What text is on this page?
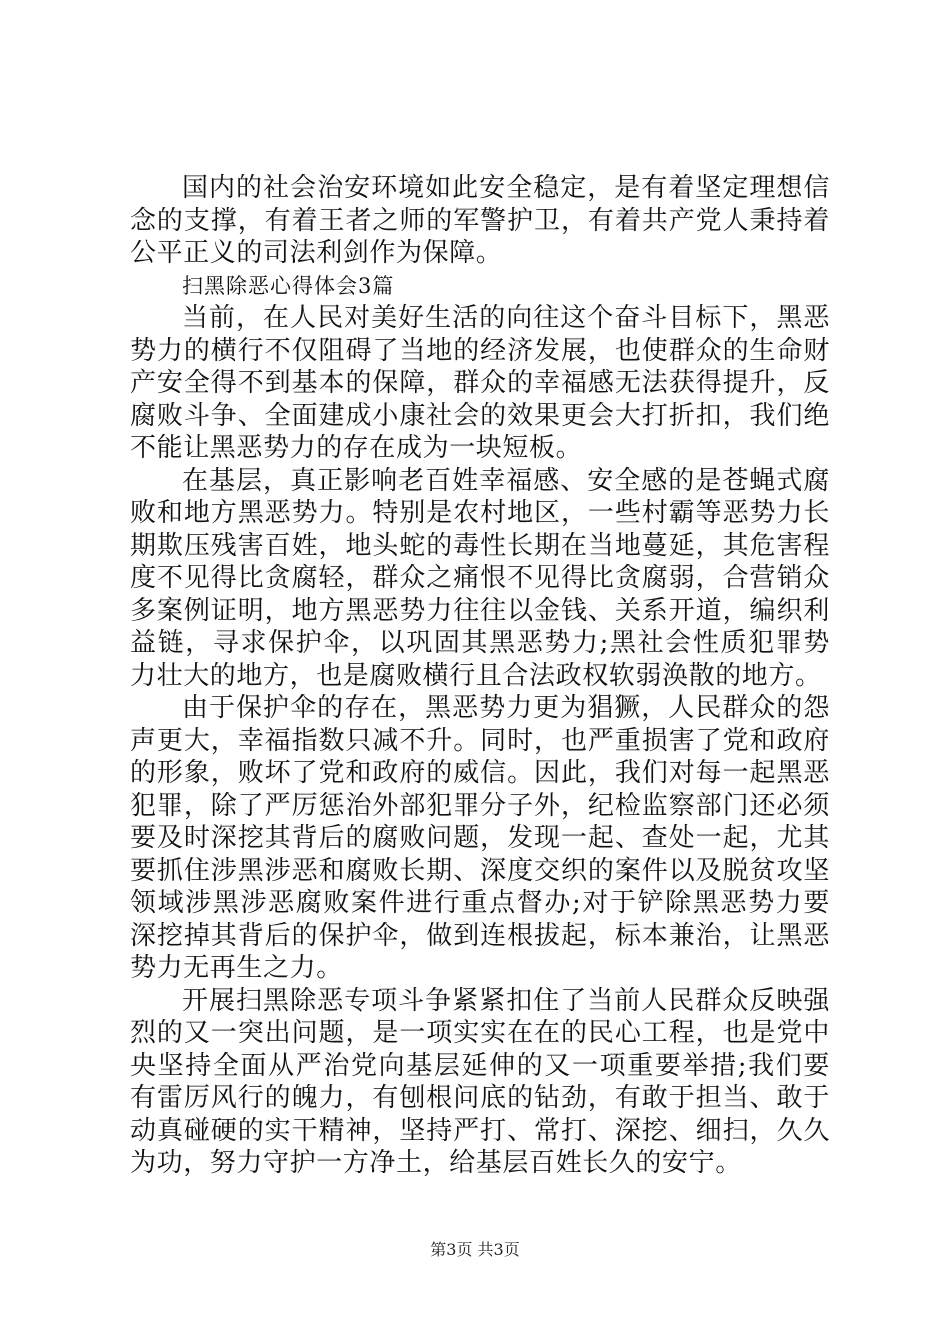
国内的社会治安环境如此安全稳定，是有着坚定理想信念的支撑，有着王者之师的军警护卫，有着共产党人秉持着公平正义的司法利剑作为保障。

扫黑除恶心得体会3篇

当前，在人民对美好生活的向往这个奋斗目标下，黑恶势力的横行不仅阻碍了当地的经济发展，也使群众的生命财产安全得不到基本的保障，群众的幸福感无法获得提升，反腐败斗争、全面建成小康社会的效果更会大打折扣，我们绝不能让黑恶势力的存在成为一块短板。

在基层，真正影响老百姓幸福感、安全感的是苍蝇式腐败和地方黑恶势力。特别是农村地区，一些村霸等恶势力长期欺压残害百姓，地头蛇的毒性长期在当地蔓延，其危害程度不见得比贪腐轻，群众之痛恨不见得比贪腐弱，合营销众多案例证明，地方黑恶势力往往以金钱、关系开道，编织利益链，寻求保护伞，以巩固其黑恶势力;黑社会性质犯罪势力壮大的地方，也是腐败横行且合法政权软弱涣散的地方。

由于保护伞的存在，黑恶势力更为猖獗，人民群众的怨声更大，幸福指数只减不升。同时，也严重损害了党和政府的形象，败坏了党和政府的威信。因此，我们对每一起黑恶犯罪，除了严厉惩治外部犯罪分子外，纪检监察部门还必须要及时深挖其背后的腐败问题，发现一起、查处一起，尤其要抓住涉黑涉恶和腐败长期、深度交织的案件以及脱贫攻坚领域涉黑涉恶腐败案件进行重点督办;对于铲除黑恶势力要深挖掉其背后的保护伞，做到连根拔起，标本兼治，让黑恶势力无再生之力。

开展扫黑除恶专项斗争紧紧扣住了当前人民群众反映强烈的又一突出问题，是一项实实在在的民心工程，也是党中央坚持全面从严治党向基层延伸的又一项重要举措;我们要有雷厉风行的魄力，有刨根问底的钻劲，有敢于担当、敢于动真碰硬的实干精神，坚持严打、常打、深挖、细扫，久久为功，努力守护一方净土，给基层百姓长久的安宁。

第3页 共3页
